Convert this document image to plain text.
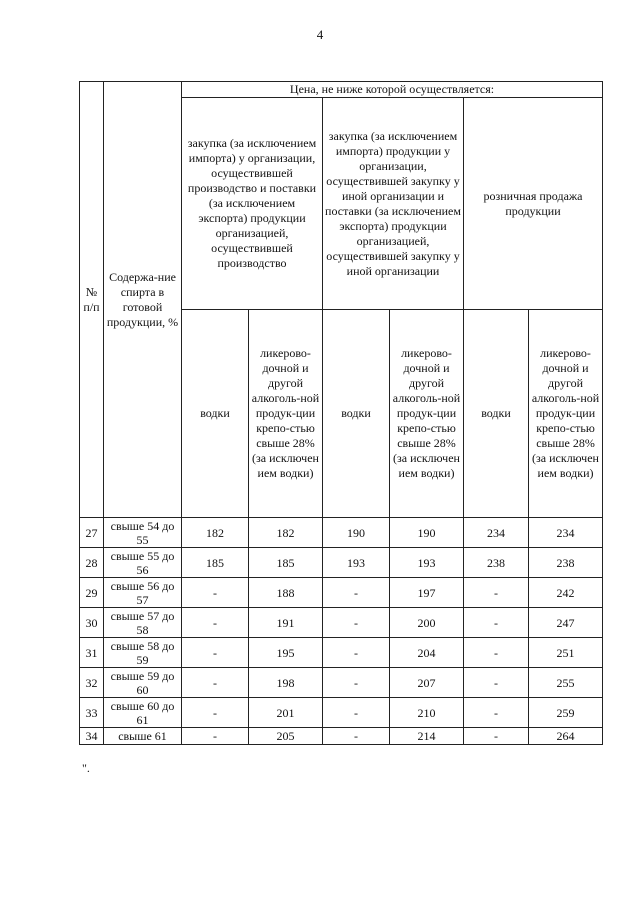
4
№ п/п	Содержа-ние спирта в готовой продукции, %	Цена, не ниже которой осуществляется:					
		закупка (за исключением импорта) у организации, осуществившей производство и поставки (за исключением экспорта) продукции организацией, осуществившей производство		закупка (за исключением импорта) продукции у организации, осуществившей закупку у иной организации и поставки (за исключением экспорта) продукции организацией, осуществившей закупку у иной организации		розничная продажа продукции	
		водки	ликерово-дочной и другой алкоголь-ной продук-ции крепо-стью свыше 28% (за исключен ием водки)	водки	ликерово-дочной и другой алкоголь-ной продук-ции крепо-стью свыше 28% (за исключен ием водки)	водки	ликерово-дочной и другой алкоголь-ной продук-ции крепо-стью свыше 28% (за исключен ием водки)
27	свыше 54 до 55	182	182	190	190	234	234
28	свыше 55 до 56	185	185	193	193	238	238
29	свыше 56 до 57	-	188	-	197	-	242
30	свыше 57 до 58	-	191	-	200	-	247
31	свыше 58 до 59	-	195	-	204	-	251
32	свыше 59 до 60	-	198	-	207	-	255
33	свыше 60 до 61	-	201	-	210	-	259
34	свыше 61	-	205	-	214	-	264
".
